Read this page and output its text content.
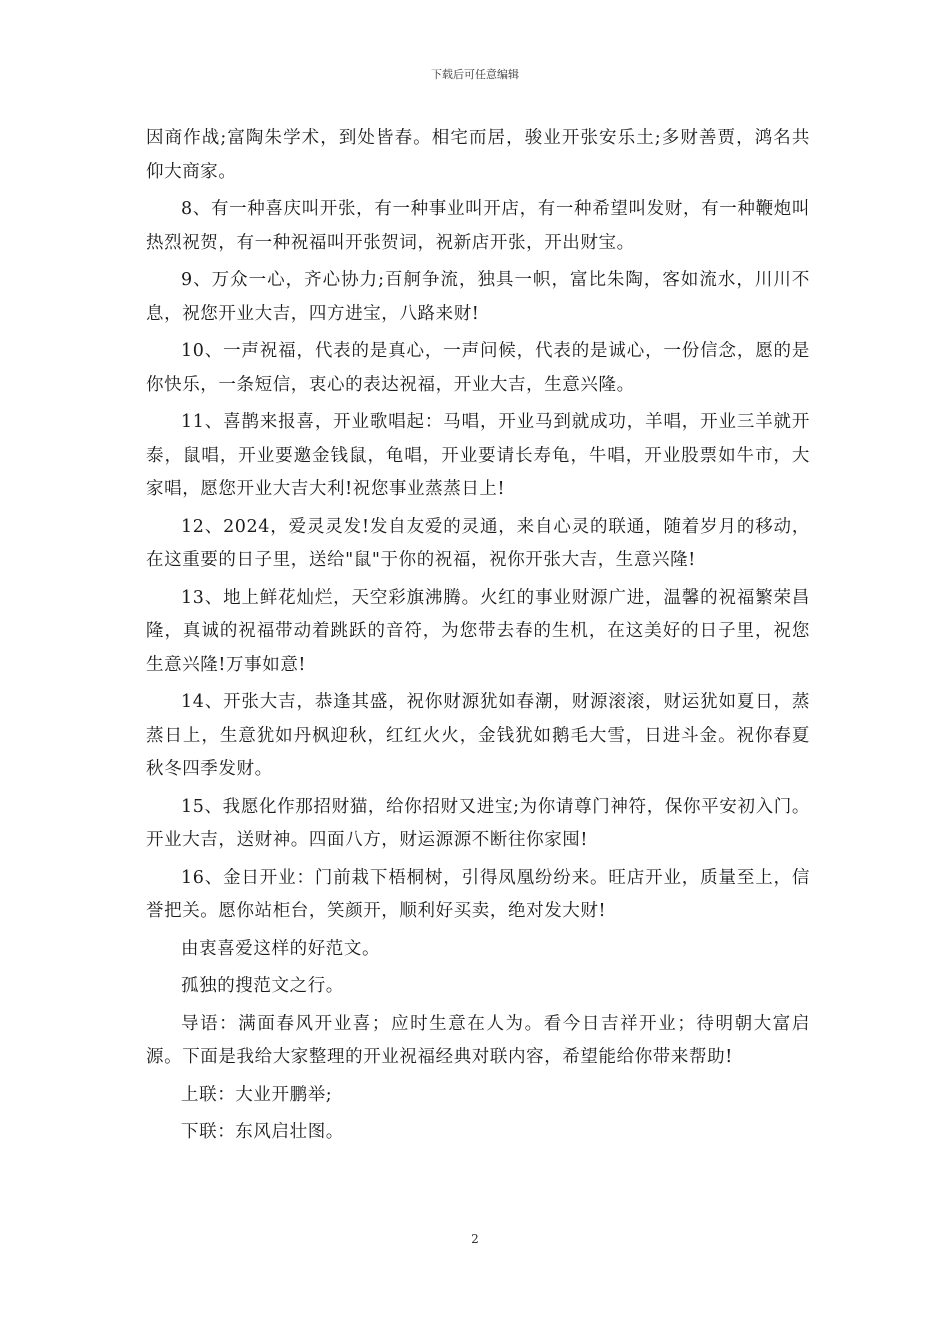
下载后可任意编辑

因商作战;富陶朱学术，到处皆春。相宅而居，骏业开张安乐土;多财善贾，鸿名共仰大商家。

8、有一种喜庆叫开张，有一种事业叫开店，有一种希望叫发财，有一种鞭炮叫热烈祝贺，有一种祝福叫开张贺词，祝新店开张，开出财宝。

9、万众一心，齐心协力;百舸争流，独具一帜，富比朱陶，客如流水，川川不息，祝您开业大吉，四方进宝，八路来财!

10、一声祝福，代表的是真心，一声问候，代表的是诚心，一份信念，愿的是你快乐，一条短信，衷心的表达祝福，开业大吉，生意兴隆。

11、喜鹊来报喜，开业歌唱起：马唱，开业马到就成功，羊唱，开业三羊就开泰，鼠唱，开业要邀金钱鼠，龟唱，开业要请长寿龟，牛唱，开业股票如牛市，大家唱，愿您开业大吉大利!祝您事业蒸蒸日上!

12、2024，爱灵灵发!发自友爱的灵通，来自心灵的联通，随着岁月的移动，在这重要的日子里，送给"鼠"于你的祝福，祝你开张大吉，生意兴隆!

13、地上鲜花灿烂，天空彩旗沸腾。火红的事业财源广进，温馨的祝福繁荣昌隆，真诚的祝福带动着跳跃的音符，为您带去春的生机，在这美好的日子里，祝您生意兴隆!万事如意!

14、开张大吉，恭逢其盛，祝你财源犹如春潮，财源滚滚，财运犹如夏日，蒸蒸日上，生意犹如丹枫迎秋，红红火火，金钱犹如鹅毛大雪，日进斗金。祝你春夏秋冬四季发财。

15、我愿化作那招财猫，给你招财又进宝;为你请尊门神符，保你平安初入门。开业大吉，送财神。四面八方，财运源源不断往你家囤!

16、金日开业：门前栽下梧桐树，引得凤凰纷纷来。旺店开业，质量至上，信誉把关。愿你站柜台，笑颜开，顺利好买卖，绝对发大财!

由衷喜爱这样的好范文。

孤独的搜范文之行。

导语：满面春风开业喜；应时生意在人为。看今日吉祥开业；待明朝大富启源。下面是我给大家整理的开业祝福经典对联内容，希望能给你带来帮助!

上联：大业开鹏举;

下联：东风启壮图。

2
